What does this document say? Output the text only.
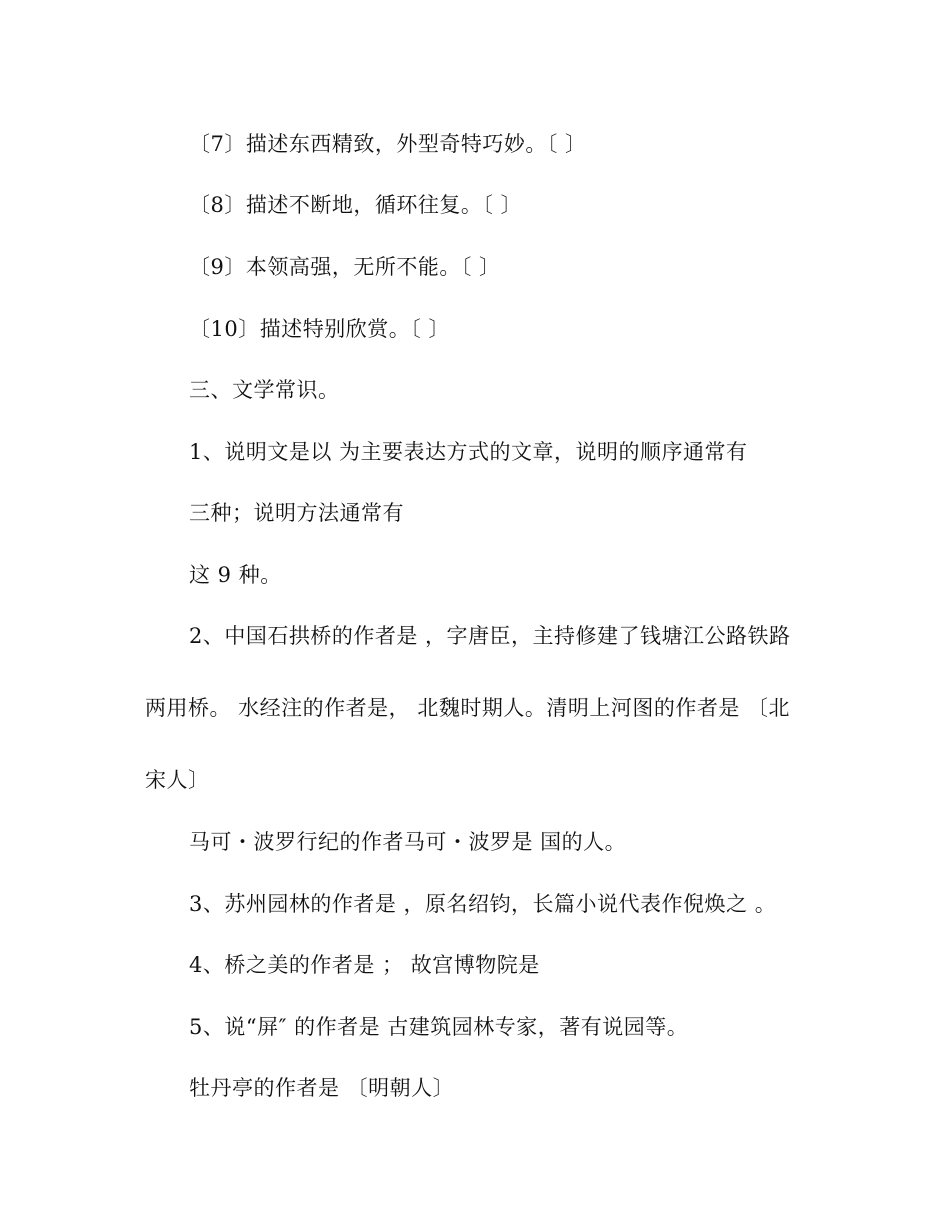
〔7〕描述东西精致，外型奇特巧妙。〔 〕
〔8〕描述不断地，循环往复。〔 〕
〔9〕本领高强，无所不能。〔 〕
〔10〕描述特别欣赏。〔 〕
三、文学常识。
1、说明文是以 为主要表达方式的文章，说明的顺序通常有
三种；说明方法通常有
这 9 种。
2、中国石拱桥的作者是 ，字唐臣，主持修建了钱塘江公路铁路
两用桥。 水经注的作者是， 北魏时期人。清明上河图的作者是 〔北
宋人〕
马可・波罗行纪的作者马可・波罗是 国的人。
3、苏州园林的作者是 ，原名绍钧，长篇小说代表作倪焕之 。
4、桥之美的作者是 ； 故宫博物院是
5、说“屏″ 的作者是 古建筑园林专家，著有说园等。
牡丹亭的作者是 〔明朝人〕
